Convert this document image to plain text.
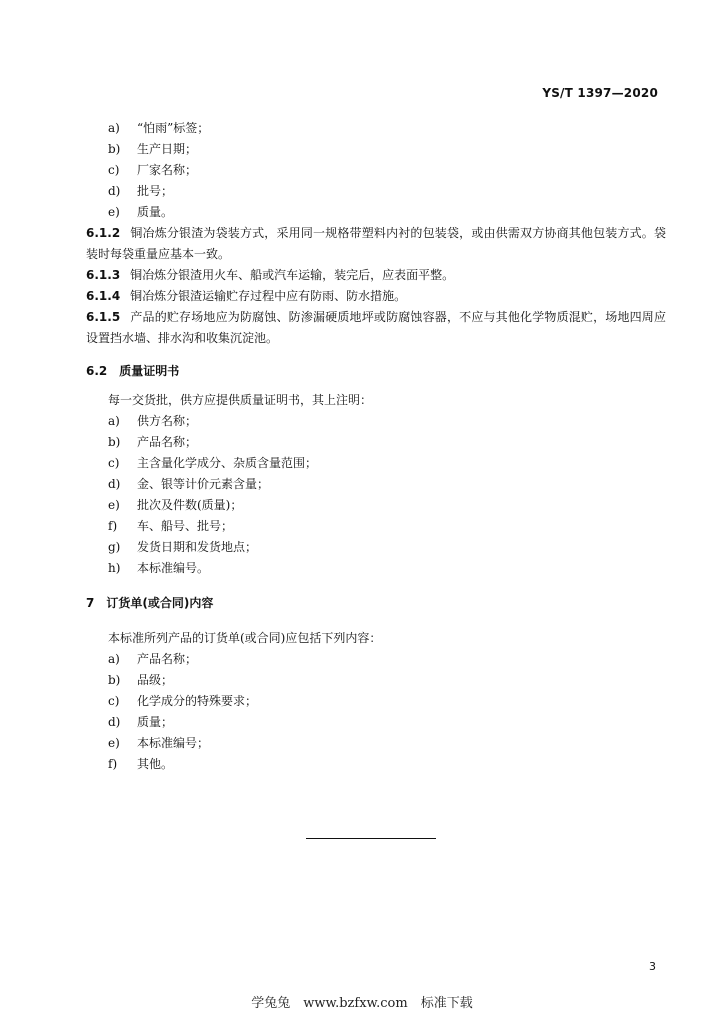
YS/T 1397—2020
a) “怕雨”标签；
b) 生产日期；
c) 厂家名称；
d) 批号；
e) 质量。
6.1.2 铜冶炼分银渣为袋装方式，采用同一规格带塑料内衬的包装袋，或由供需双方协商其他包装方式。袋装时每袋重量应基本一致。
6.1.3 铜冶炼分银渣用火车、船或汽车运输，装完后，应表面平整。
6.1.4 铜冶炼分银渣运输贮存过程中应有防雨、防水措施。
6.1.5 产品的贮存场地应为防腐蚀、防渗漏硬质地坪或防腐蚀容器，不应与其他化学物质混贮，场地四周应设置挡水墙、排水沟和收集沉淀池。
6.2 质量证明书
每一交货批，供方应提供质量证明书，其上注明：
a) 供方名称；
b) 产品名称；
c) 主含量化学成分、杂质含量范围；
d) 金、银等计价元素含量；
e) 批次及件数(质量)；
f) 车、船号、批号；
g) 发货日期和发货地点；
h) 本标准编号。
7 订货单(或合同)内容
本标准所列产品的订货单(或合同)应包括下列内容：
a) 产品名称；
b) 品级；
c) 化学成分的特殊要求；
d) 质量；
e) 本标准编号；
f) 其他。
3
学兔兔　www.bzfxw.com　标准下载
